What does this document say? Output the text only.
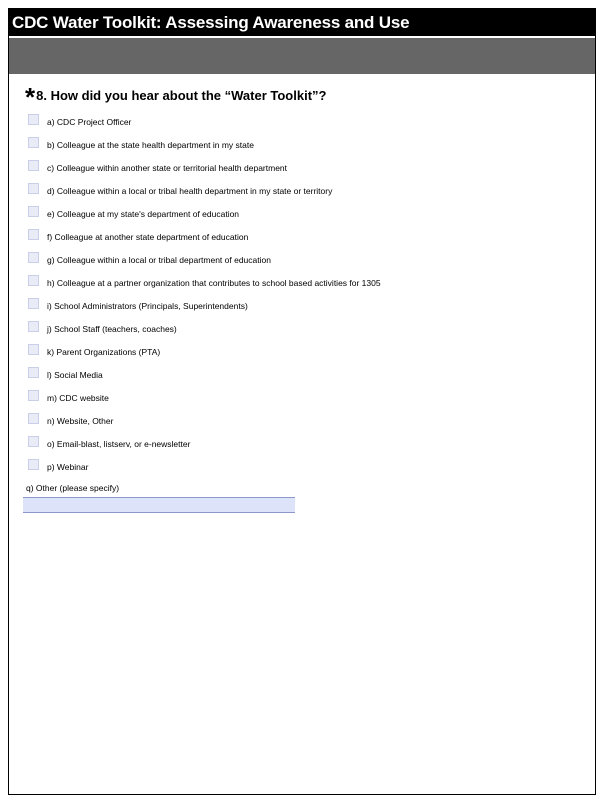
CDC Water Toolkit: Assessing Awareness and Use
* 8. How did you hear about the “Water Toolkit”?
a) CDC Project Officer
b) Colleague at the state health department in my state
c) Colleague within another state or territorial health department
d) Colleague within a local or tribal health department in my state or territory
e) Colleague at my state's department of education
f) Colleague at another state department of education
g) Colleague within a local or tribal department of education
h) Colleague at a partner organization that contributes to school based activities for 1305
i) School Administrators (Principals, Superintendents)
j) School Staff (teachers, coaches)
k) Parent Organizations (PTA)
l) Social Media
m) CDC website
n) Website, Other
o) Email-blast, listserv, or e-newsletter
p) Webinar
q) Other (please specify)
